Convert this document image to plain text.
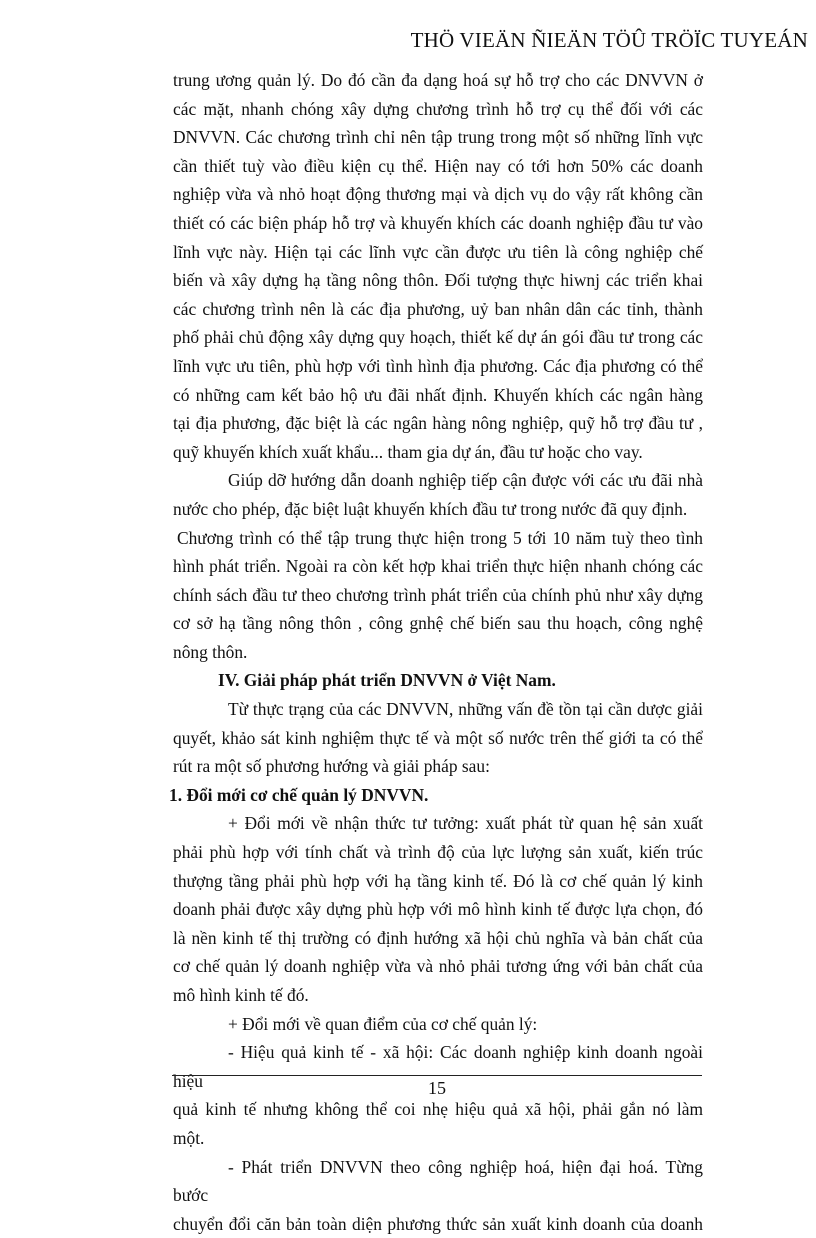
THÖ VIEÄN ÑIEÄN TÖÛ TRÖÏC TUYEÁN

trung ương quản lý. Do đó cần đa dạng hoá sự hỗ trợ cho các DNVVN ở

các mặt, nhanh chóng xây dựng chương trình hỗ trợ cụ thể đối với các

DNVVN. Các chương trình chỉ nên tập trung trong một số những lĩnh vực

cần thiết tuỳ vào điều kiện cụ thể. Hiện nay có tới hơn 50% các doanh

nghiệp vừa và nhỏ hoạt động thương mại và dịch vụ do vậy rất không cần

thiết có các biện pháp hỗ trợ và khuyến khích các doanh nghiệp đầu tư vào

lĩnh vực này. Hiện tại các lĩnh vực cần được ưu tiên là công nghiệp chế

biến và xây dựng hạ tầng nông thôn. Đối tượng thực hiwnj các triển khai

các chương trình nên là các địa phương, uỷ ban nhân dân các tỉnh, thành

phố phải chủ động xây dựng quy hoạch, thiết kế dự án gói đầu tư trong các

lĩnh vực ưu tiên, phù hợp với tình hình địa phương. Các địa phương có thể

có những cam kết bảo hộ ưu đãi nhất định. Khuyến khích các ngân hàng

tại địa phương, đặc biệt là các ngân hàng nông nghiệp, quỹ hỗ trợ đầu tư ,

quỹ khuyến khích xuất khẩu... tham gia dự án, đầu tư hoặc cho vay.

Giúp dỡ hướng dẫn doanh nghiệp tiếp cận được với các ưu đãi nhà

nước cho phép, đặc biệt luật khuyến khích đầu tư trong nước đã quy định.

Chương trình có thể tập trung thực hiện trong 5 tới 10 năm tuỳ theo tình

hình phát triển. Ngoài ra còn kết hợp khai triển thực hiện nhanh chóng các

chính sách đầu tư theo chương trình phát triển của chính phủ như xây dựng

cơ sở hạ tầng nông thôn , công gnhệ chế biến sau thu hoạch, công nghệ

nông thôn.

IV. Giải pháp phát triển DNVVN ở Việt Nam.

Từ thực trạng của các DNVVN, những vấn đề tồn tại cần dược giải

quyết, khảo sát kinh nghiệm thực tế và một số nước trên thế giới ta có thể

rút ra một số phương hướng và giải pháp sau:

1. Đổi mới cơ chế quản lý DNVVN.

+ Đổi mới về nhận thức tư tưởng: xuất phát từ quan hệ sản xuất

phải phù hợp với tính chất và trình độ của lực lượng sản xuất, kiến trúc

thượng tầng phải phù hợp với hạ tầng kinh tế. Đó là cơ chế quản lý kinh

doanh phải được xây dựng phù hợp với mô hình kinh tế được lựa chọn, đó

là nền kinh tế thị trường có định hướng xã hội chủ nghĩa và bản chất của

cơ chế quản lý doanh nghiệp vừa và nhỏ phải tương ứng với bản chất của

mô hình kinh tế đó.

+ Đổi mới về quan điểm của cơ chế quản lý:

- Hiệu quả kinh tế - xã hội: Các doanh nghiệp kinh doanh ngoài hiệu

quả kinh tế nhưng không thể coi nhẹ hiệu quả xã hội, phải gắn nó làm

một.

- Phát triển DNVVN theo công nghiệp hoá, hiện đại hoá. Từng bước

chuyển đổi căn bản toàn diện phương thức sản xuất kinh doanh của doanh

15
